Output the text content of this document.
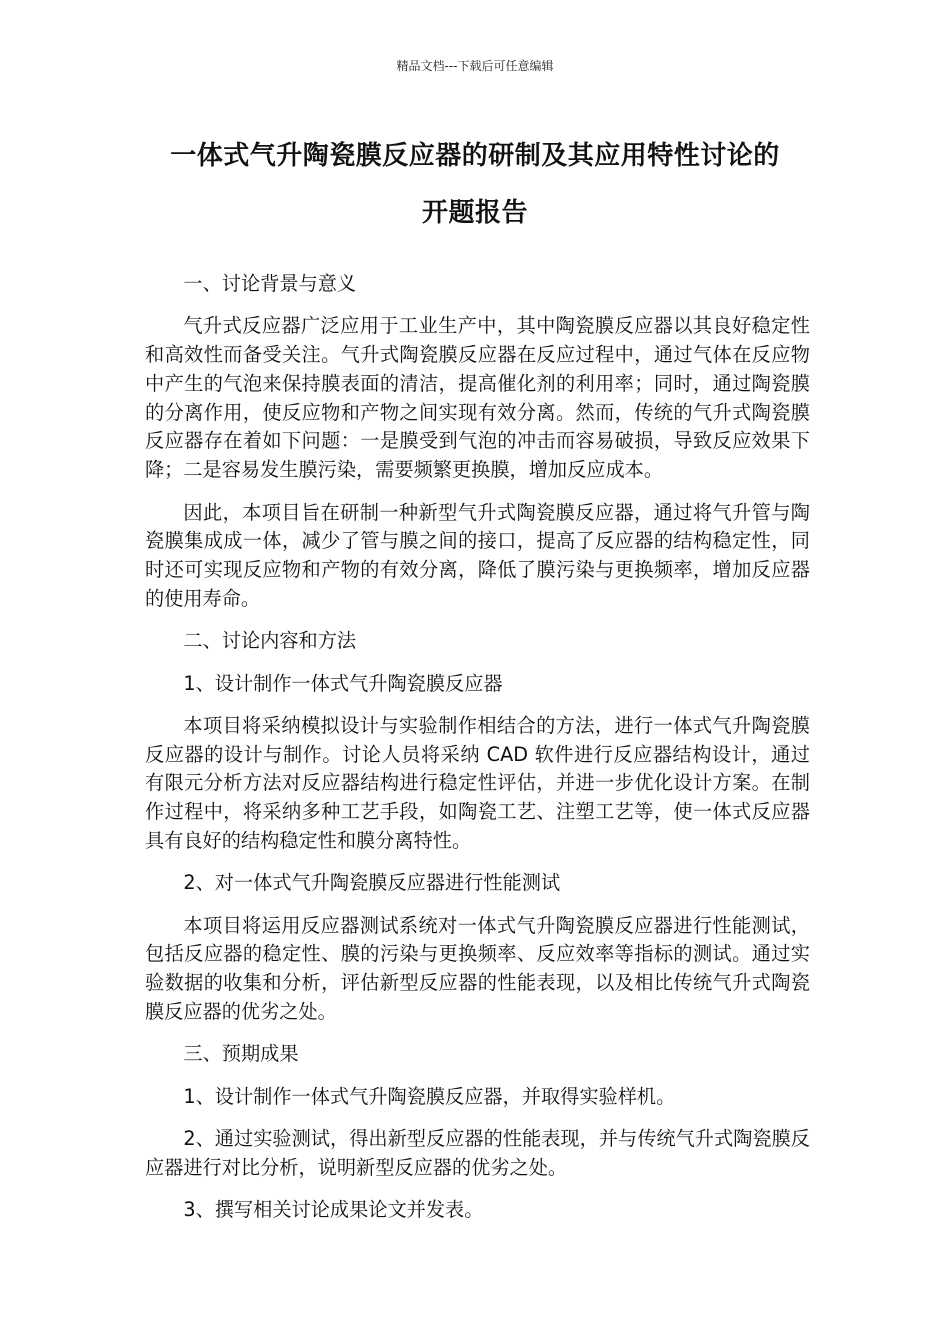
精品文档---下载后可任意编辑
一体式气升陶瓷膜反应器的研制及其应用特性讨论的
开题报告

一、讨论背景与意义

气升式反应器广泛应用于工业生产中，其中陶瓷膜反应器以其良好稳定性和高效性而备受关注。气升式陶瓷膜反应器在反应过程中，通过气体在反应物中产生的气泡来保持膜表面的清洁，提高催化剂的利用率；同时，通过陶瓷膜的分离作用，使反应物和产物之间实现有效分离。然而，传统的气升式陶瓷膜反应器存在着如下问题：一是膜受到气泡的冲击而容易破损，导致反应效果下降；二是容易发生膜污染，需要频繁更换膜，增加反应成本。

因此，本项目旨在研制一种新型气升式陶瓷膜反应器，通过将气升管与陶瓷膜集成成一体，减少了管与膜之间的接口，提高了反应器的结构稳定性，同时还可实现反应物和产物的有效分离，降低了膜污染与更换频率，增加反应器的使用寿命。

二、讨论内容和方法

1、设计制作一体式气升陶瓷膜反应器

本项目将采纳模拟设计与实验制作相结合的方法，进行一体式气升陶瓷膜反应器的设计与制作。讨论人员将采纳 CAD 软件进行反应器结构设计，通过有限元分析方法对反应器结构进行稳定性评估，并进一步优化设计方案。在制作过程中，将采纳多种工艺手段，如陶瓷工艺、注塑工艺等，使一体式反应器具有良好的结构稳定性和膜分离特性。

2、对一体式气升陶瓷膜反应器进行性能测试

本项目将运用反应器测试系统对一体式气升陶瓷膜反应器进行性能测试，包括反应器的稳定性、膜的污染与更换频率、反应效率等指标的测试。通过实验数据的收集和分析，评估新型反应器的性能表现，以及相比传统气升式陶瓷膜反应器的优劣之处。

三、预期成果

1、设计制作一体式气升陶瓷膜反应器，并取得实验样机。

2、通过实验测试，得出新型反应器的性能表现，并与传统气升式陶瓷膜反应器进行对比分析，说明新型反应器的优劣之处。

3、撰写相关讨论成果论文并发表。
